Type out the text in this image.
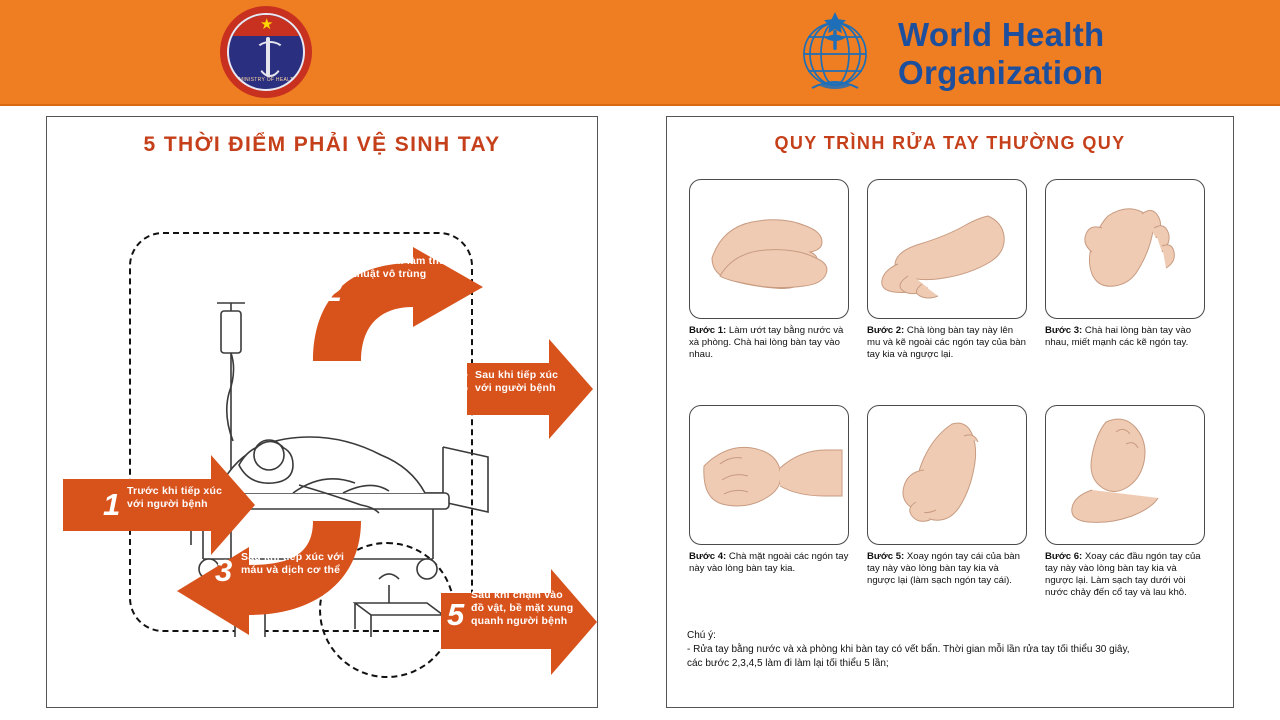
★
MINISTRY OF HEALTH
World Health
Organization
5 THỜI ĐIỂM PHẢI VỆ SINH TAY
1 Trước khi tiếp xúc
với người bệnh
2
Trước khi làm thủ
thuật vô trùng
3 Sau khi tiếp xúc với
máu và dịch cơ thể
Sau khi tiếp xúc
với người bệnh
4
5
Sau khi chạm vào
đồ vật, bề mặt xung
quanh người bệnh
QUY TRÌNH RỬA TAY THƯỜNG QUY
Bước 1: Làm ướt tay bằng nước và xà phòng. Chà hai lòng bàn tay vào nhau.
Bước 2: Chà lòng bàn tay này lên mu và kẽ ngoài các ngón tay của bàn tay kia và ngược lại.
Bước 3: Chà hai lòng bàn tay vào nhau, miết mạnh các kẽ ngón tay.
Bước 4: Chà mặt ngoài các ngón tay này vào lòng bàn tay kia.
Bước 5: Xoay ngón tay cái của bàn tay này vào lòng bàn tay kia và ngược lại (làm sạch ngón tay cái).
Bước 6: Xoay các đầu ngón tay của tay này vào lòng bàn tay kia và ngược lại. Làm sạch tay dưới vòi nước chảy đến cổ tay và lau khô.
Chú ý:
- Rửa tay bằng nước và xà phòng khi bàn tay có vết bẩn. Thời gian mỗi lần rửa tay tối thiểu 30 giây,
các bước 2,3,4,5 làm đi làm lại tối thiểu 5 lần;
